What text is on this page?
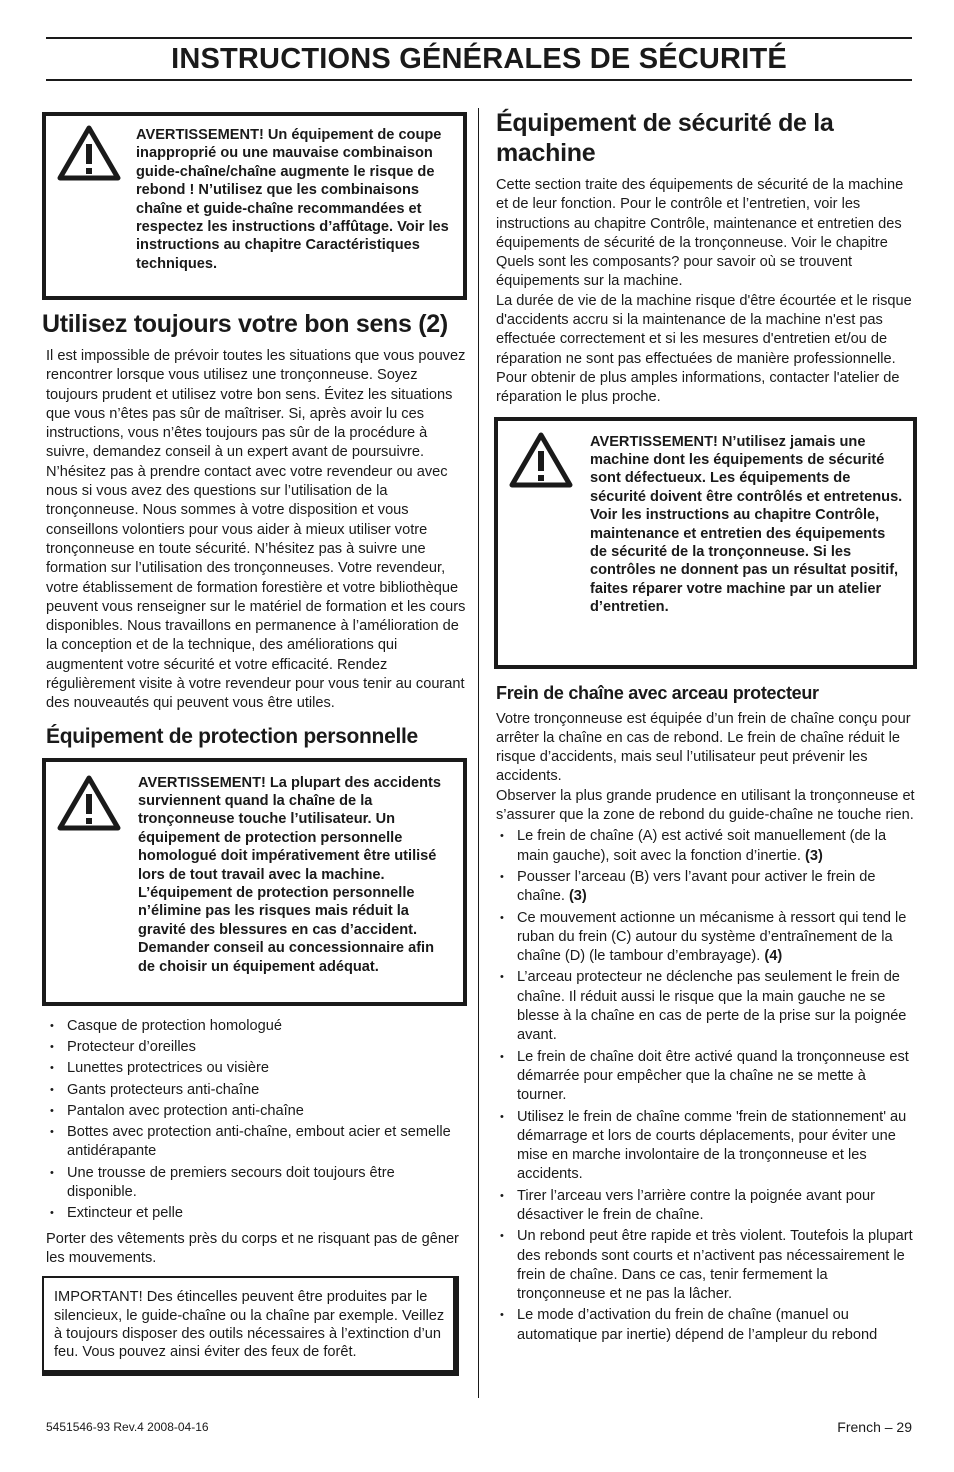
INSTRUCTIONS GÉNÉRALES DE SÉCURITÉ

AVERTISSEMENT! Un équipement de coupe inapproprié ou une mauvaise combinaison guide-chaîne/chaîne augmente le risque de rebond ! N’utilisez que les combinaisons chaîne et guide-chaîne recommandées et respectez les instructions d’affûtage. Voir les instructions au chapitre Caractéristiques techniques.

Utilisez toujours votre bon sens (2)

Il est impossible de prévoir toutes les situations que vous pouvez rencontrer lorsque vous utilisez une tronçonneuse. Soyez toujours prudent et utilisez votre bon sens. Évitez les situations que vous n’êtes pas sûr de maîtriser. Si, après avoir lu ces instructions, vous n’êtes toujours pas sûr de la procédure à suivre, demandez conseil à un expert avant de poursuivre. N’hésitez pas à prendre contact avec votre revendeur ou avec nous si vous avez des questions sur l’utilisation de la tronçonneuse. Nous sommes à votre disposition et vous conseillons volontiers pour vous aider à mieux utiliser votre tronçonneuse en toute sécurité. N’hésitez pas à suivre une formation sur l’utilisation des tronçonneuses. Votre revendeur, votre établissement de formation forestière et votre bibliothèque peuvent vous renseigner sur le matériel de formation et les cours disponibles. Nous travaillons en permanence à l’amélioration de la conception et de la technique, des améliorations qui augmentent votre sécurité et votre efficacité. Rendez régulièrement visite à votre revendeur pour vous tenir au courant des nouveautés qui peuvent vous être utiles.

Équipement de protection personnelle

AVERTISSEMENT! La plupart des accidents surviennent quand la chaîne de la tronçonneuse touche l’utilisateur. Un équipement de protection personnelle homologué doit impérativement être utilisé lors de tout travail avec la machine. L’équipement de protection personnelle n’élimine pas les risques mais réduit la gravité des blessures en cas d’accident. Demander conseil au concessionnaire afin de choisir un équipement adéquat.

• Casque de protection homologué
• Protecteur d’oreilles
• Lunettes protectrices ou visière
• Gants protecteurs anti-chaîne
• Pantalon avec protection anti-chaîne
• Bottes avec protection anti-chaîne, embout acier et semelle antidérapante
• Une trousse de premiers secours doit toujours être disponible.
• Extincteur et pelle

Porter des vêtements près du corps et ne risquant pas de gêner les mouvements.

IMPORTANT! Des étincelles peuvent être produites par le silencieux, le guide-chaîne ou la chaîne par exemple. Veillez à toujours disposer des outils nécessaires à l’extinction d’un feu. Vous pouvez ainsi éviter des feux de forêt.

Équipement de sécurité de la machine

Cette section traite des équipements de sécurité de la machine et de leur fonction. Pour le contrôle et l’entretien, voir les instructions au chapitre Contrôle, maintenance et entretien des équipements de sécurité de la tronçonneuse. Voir le chapitre Quels sont les composants? pour savoir où se trouvent équipements sur la machine.

La durée de vie de la machine risque d'être écourtée et le risque d'accidents accru si la maintenance de la machine n'est pas effectuée correctement et si les mesures d'entretien et/ou de réparation ne sont pas effectuées de manière professionnelle. Pour obtenir de plus amples informations, contacter l'atelier de réparation le plus proche.

AVERTISSEMENT! N’utilisez jamais une machine dont les équipements de sécurité sont défectueux. Les équipements de sécurité doivent être contrôlés et entretenus. Voir les instructions au chapitre Contrôle, maintenance et entretien des équipements de sécurité de la tronçonneuse. Si les contrôles ne donnent pas un résultat positif, faites réparer votre machine par un atelier d’entretien.

Frein de chaîne avec arceau protecteur

Votre tronçonneuse est équipée d’un frein de chaîne conçu pour arrêter la chaîne en cas de rebond. Le frein de chaîne réduit le risque d’accidents, mais seul l’utilisateur peut prévenir les accidents.

Observer la plus grande prudence en utilisant la tronçonneuse et s’assurer que la zone de rebond du guide-chaîne ne touche rien.

• Le frein de chaîne (A) est activé soit manuellement (de la main gauche), soit avec la fonction d’inertie. (3)
• Pousser l’arceau (B) vers l’avant pour activer le frein de chaîne. (3)
• Ce mouvement actionne un mécanisme à ressort qui tend le ruban du frein (C) autour du système d’entraînement de la chaîne (D) (le tambour d’embrayage). (4)
• L’arceau protecteur ne déclenche pas seulement le frein de chaîne. Il réduit aussi le risque que la main gauche ne se blesse à la chaîne en cas de perte de la prise sur la poignée avant.
• Le frein de chaîne doit être activé quand la tronçonneuse est démarrée pour empêcher que la chaîne ne se mette à tourner.
• Utilisez le frein de chaîne comme 'frein de stationnement' au démarrage et lors de courts déplacements, pour éviter une mise en marche involontaire de la tronçonneuse et les accidents.
• Tirer l’arceau vers l’arrière contre la poignée avant pour désactiver le frein de chaîne.
• Un rebond peut être rapide et très violent. Toutefois la plupart des rebonds sont courts et n’activent pas nécessairement le frein de chaîne. Dans ce cas, tenir fermement la tronçonneuse et ne pas la lâcher.
• Le mode d’activation du frein de chaîne (manuel ou automatique par inertie) dépend de l’ampleur du rebond
5451546-93 Rev.4 2008-04-16	French – 29
